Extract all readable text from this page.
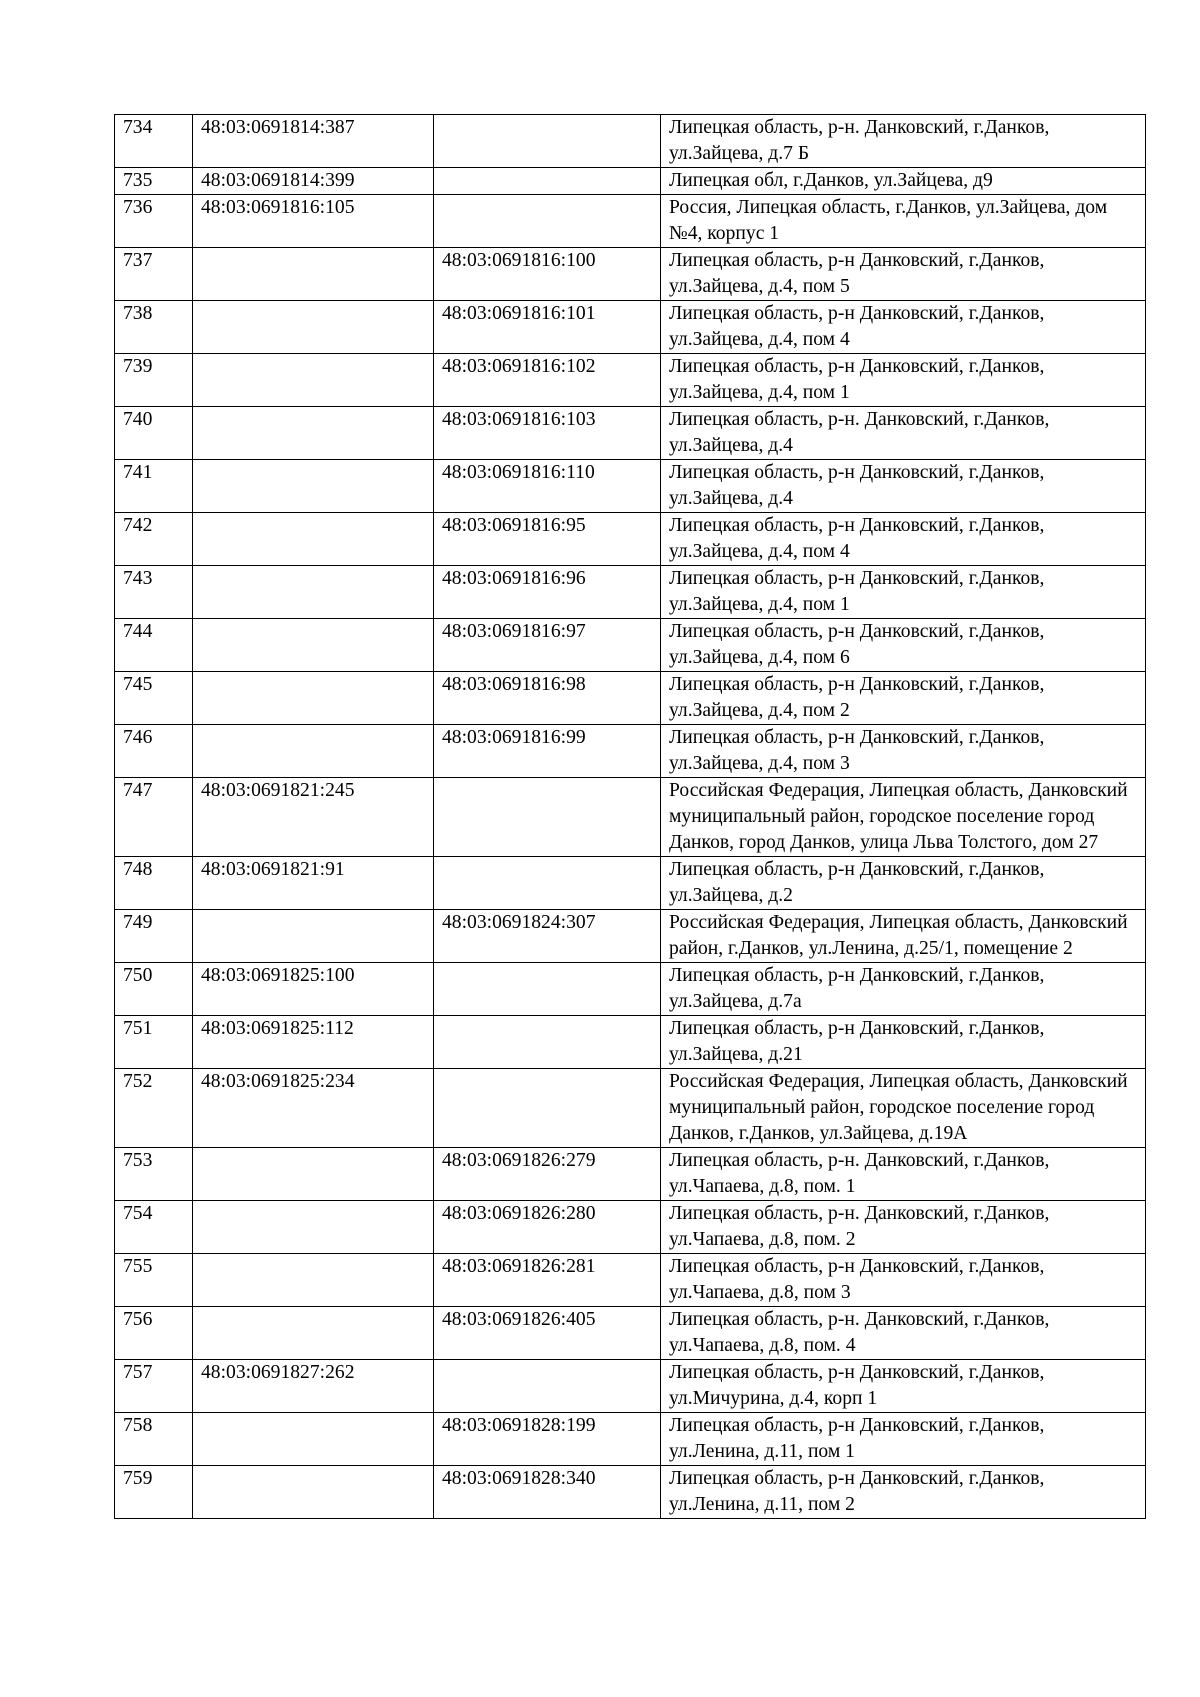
734	48:03:0691814:387		Липецкая область, р-н. Данковский, г.Данков, ул.Зайцева, д.7 Б
735	48:03:0691814:399		Липецкая обл, г.Данков, ул.Зайцева, д9
736	48:03:0691816:105		Россия, Липецкая область, г.Данков, ул.Зайцева, дом №4, корпус 1
737		48:03:0691816:100	Липецкая область, р-н Данковский, г.Данков, ул.Зайцева, д.4, пом 5
738		48:03:0691816:101	Липецкая область, р-н Данковский, г.Данков, ул.Зайцева, д.4, пом 4
739		48:03:0691816:102	Липецкая область, р-н Данковский, г.Данков, ул.Зайцева, д.4, пом 1
740		48:03:0691816:103	Липецкая область, р-н. Данковский, г.Данков, ул.Зайцева, д.4
741		48:03:0691816:110	Липецкая область, р-н Данковский, г.Данков, ул.Зайцева, д.4
742		48:03:0691816:95	Липецкая область, р-н Данковский, г.Данков, ул.Зайцева, д.4, пом 4
743		48:03:0691816:96	Липецкая область, р-н Данковский, г.Данков, ул.Зайцева, д.4, пом 1
744		48:03:0691816:97	Липецкая область, р-н Данковский, г.Данков, ул.Зайцева, д.4, пом 6
745		48:03:0691816:98	Липецкая область, р-н Данковский, г.Данков, ул.Зайцева, д.4, пом 2
746		48:03:0691816:99	Липецкая область, р-н Данковский, г.Данков, ул.Зайцева, д.4, пом 3
747	48:03:0691821:245		Российская Федерация, Липецкая область, Данковский муниципальный район, городское поселение город Данков, город Данков, улица Льва Толстого, дом 27
748	48:03:0691821:91		Липецкая область, р-н Данковский, г.Данков, ул.Зайцева, д.2
749		48:03:0691824:307	Российская Федерация, Липецкая область, Данковский район, г.Данков, ул.Ленина, д.25/1, помещение 2
750	48:03:0691825:100		Липецкая область, р-н Данковский, г.Данков, ул.Зайцева, д.7а
751	48:03:0691825:112		Липецкая область, р-н Данковский, г.Данков, ул.Зайцева, д.21
752	48:03:0691825:234		Российская Федерация, Липецкая область, Данковский муниципальный район, городское поселение город Данков, г.Данков, ул.Зайцева, д.19А
753		48:03:0691826:279	Липецкая область, р-н. Данковский, г.Данков, ул.Чапаева, д.8, пом. 1
754		48:03:0691826:280	Липецкая область, р-н. Данковский, г.Данков, ул.Чапаева, д.8, пом. 2
755		48:03:0691826:281	Липецкая область, р-н Данковский, г.Данков, ул.Чапаева, д.8, пом 3
756		48:03:0691826:405	Липецкая область, р-н. Данковский, г.Данков, ул.Чапаева, д.8, пом. 4
757	48:03:0691827:262		Липецкая область, р-н Данковский, г.Данков, ул.Мичурина, д.4, корп 1
758		48:03:0691828:199	Липецкая область, р-н Данковский, г.Данков, ул.Ленина, д.11, пом 1
759		48:03:0691828:340	Липецкая область, р-н Данковский, г.Данков, ул.Ленина, д.11, пом 2
